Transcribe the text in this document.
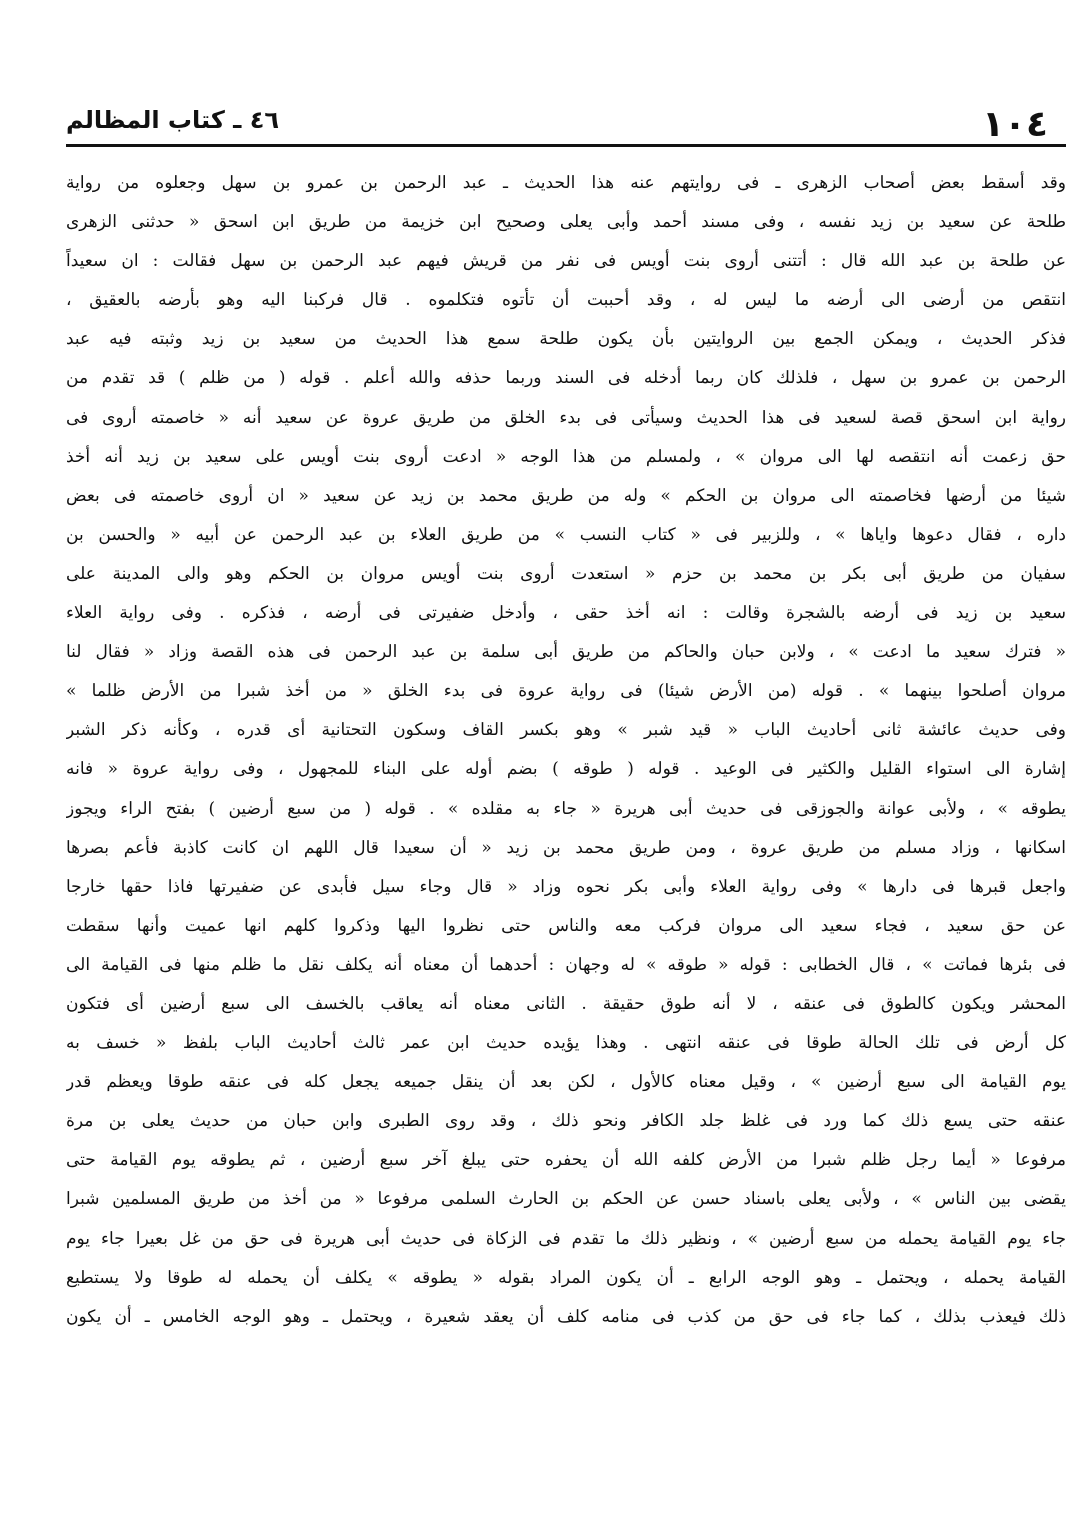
١٠٤
٤٦ ـ كتاب المظالم
وقد أسقط بعض أصحاب الزهرى ـ فى روايتهم عنه هذا الحديث ـ عبد الرحمن بن عمرو بن سهل وجعلوه من رواية
طلحة عن سعيد بن زيد نفسه ، وفى مسند أحمد وأبى يعلى وصحيح ابن خزيمة من طريق ابن اسحق « حدثنى الزهرى
عن طلحة بن عبد الله قال : أتتنى أروى بنت أويس فى نفر من قريش فيهم عبد الرحمن بن سهل فقالت : ان سعيداً
انتقص من أرضى الى أرضه ما ليس له ، وقد أحببت أن تأتوه فتكلموه . قال فركبنا اليه وهو بأرضه بالعقيق ،
فذكر الحديث ، ويمكن الجمع بين الروايتين بأن يكون طلحة سمع هذا الحديث من سعيد بن زيد وثبته فيه عبد
الرحمن بن عمرو بن سهل ، فلذلك كان ربما أدخله فى السند وربما حذفه والله أعلم . قوله ( من ظلم ) قد تقدم من
رواية ابن اسحق قصة لسعيد فى هذا الحديث وسيأتى فى بدء الخلق من طريق عروة عن سعيد أنه « خاصمته أروى فى
حق زعمت أنه انتقصه لها الى مروان » ، ولمسلم من هذا الوجه « ادعت أروى بنت أويس على سعيد بن زيد أنه أخذ
شيئا من أرضها فخاصمته الى مروان بن الحكم » وله من طريق محمد بن زيد عن سعيد « ان أروى خاصمته فى بعض
داره ، فقال دعوها واياها » ، وللزبير فى « كتاب النسب » من طريق العلاء بن عبد الرحمن عن أبيه « والحسن بن
سفيان من طريق أبى بكر بن محمد بن حزم « استعدت أروى بنت أويس مروان بن الحكم وهو والى المدينة على
سعيد بن زيد فى أرضه بالشجرة وقالت : انه أخذ حقى ، وأدخل ضفيرتى فى أرضه ، فذكره . وفى رواية العلاء
« فترك سعيد ما ادعت » ، ولابن حبان والحاكم من طريق أبى سلمة بن عبد الرحمن فى هذه القصة وزاد « فقال لنا
مروان أصلحوا بينهما » . قوله (من الأرض شيئا) فى رواية عروة فى بدء الخلق « من أخذ شبرا من الأرض ظلما »
وفى حديث عائشة ثانى أحاديث الباب « قيد شبر » وهو بكسر القاف وسكون التحتانية أى قدره ، وكأنه ذكر الشبر
إشارة الى استواء القليل والكثير فى الوعيد . قوله ( طوقه ) بضم أوله على البناء للمجهول ، وفى رواية عروة « فانه
يطوقه » ، ولأبى عوانة والجوزقى فى حديث أبى هريرة « جاء به مقلده » . قوله ( من سبع أرضين ) بفتح الراء ويجوز
اسكانها ، وزاد مسلم من طريق عروة ، ومن طريق محمد بن زيد « أن سعيدا قال اللهم ان كانت كاذبة فأعم بصرها
واجعل قبرها فى دارها » وفى رواية العلاء وأبى بكر نحوه وزاد « قال وجاء سيل فأبدى عن ضفيرتها فاذا حقها خارجا
عن حق سعيد ، فجاء سعيد الى مروان فركب معه والناس حتى نظروا اليها وذكروا كلهم انها عميت وأنها سقطت
فى بئرها فماتت » ، قال الخطابى : قوله « طوقه » له وجهان : أحدهما أن معناه أنه يكلف نقل ما ظلم منها فى القيامة الى
المحشر ويكون كالطوق فى عنقه ، لا أنه طوق حقيقة . الثانى معناه أنه يعاقب بالخسف الى سبع أرضين أى فتكون
كل أرض فى تلك الحالة طوقا فى عنقه انتهى . وهذا يؤيده حديث ابن عمر ثالث أحاديث الباب بلفظ « خسف به
يوم القيامة الى سبع أرضين » ، وقيل معناه كالأول ، لكن بعد أن ينقل جميعه يجعل كله فى عنقه طوقا ويعظم قدر
عنقه حتى يسع ذلك كما ورد فى غلظ جلد الكافر ونحو ذلك ، وقد روى الطبرى وابن حبان من حديث يعلى بن مرة
مرفوعا « أيما رجل ظلم شبرا من الأرض كلفه الله أن يحفره حتى يبلغ آخر سبع أرضين ، ثم يطوقه يوم القيامة حتى
يقضى بين الناس » ، ولأبى يعلى باسناد حسن عن الحكم بن الحارث السلمى مرفوعا « من أخذ من طريق المسلمين شبرا
جاء يوم القيامة يحمله من سبع أرضين » ، ونظير ذلك ما تقدم فى الزكاة فى حديث أبى هريرة فى حق من غل بعيرا جاء يوم
القيامة يحمله ، ويحتمل ـ وهو الوجه الرابع ـ أن يكون المراد بقوله « يطوقه » يكلف أن يحمله له طوقا ولا يستطيع
ذلك فيعذب بذلك ، كما جاء فى حق من كذب فى منامه كلف أن يعقد شعيرة ، ويحتمل ـ وهو الوجه الخامس ـ أن يكون
